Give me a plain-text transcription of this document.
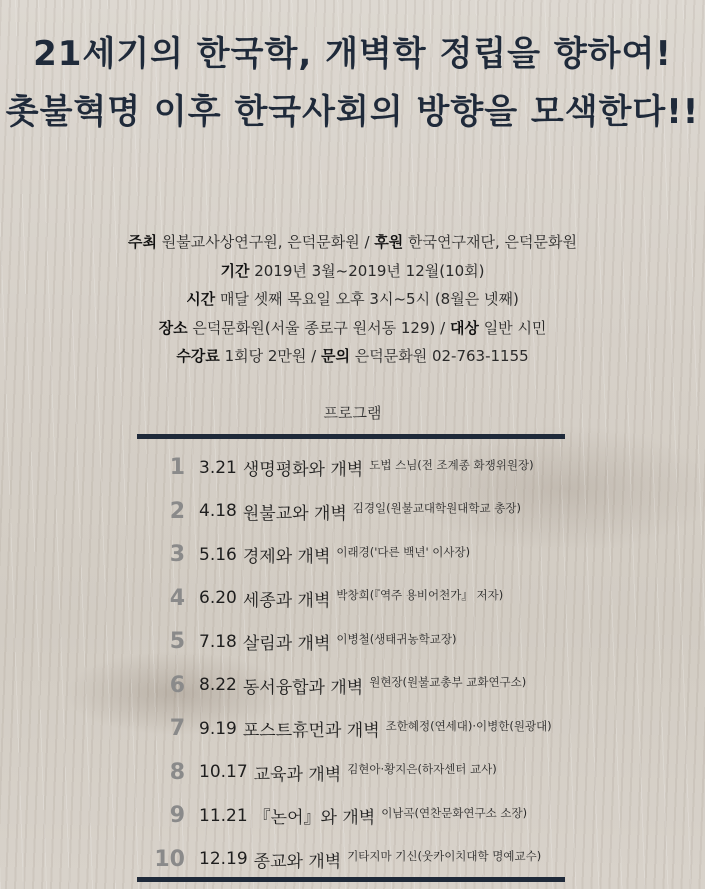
21세기의 한국학, 개벽학 정립을 향하여!
촛불혁명 이후 한국사회의 방향을 모색한다!!
주최 원불교사상연구원, 은덕문화원 / 후원 한국연구재단, 은덕문화원
기간 2019년 3월~2019년 12월(10회)
시간 매달 셋째 목요일 오후 3시~5시 (8월은 넷째)
장소 은덕문화원(서울 종로구 원서동 129) / 대상 일반 시민
수강료 1회당 2만원 / 문의 은덕문화원 02-763-1155
프로그램
1 3.21 생명평화와 개벽 도법 스님(전 조계종 화쟁위원장)
2 4.18 원불교와 개벽 김경일(원불교대학원대학교 총장)
3 5.16 경제와 개벽 이래경('다른 백년' 이사장)
4 6.20 세종과 개벽 박창희(『역주 용비어천가』 저자)
5 7.18 살림과 개벽 이병철(생태귀농학교장)
6 8.22 동서융합과 개벽 원현장(원불교총부 교화연구소)
7 9.19 포스트휴먼과 개벽 조한혜정(연세대)·이병한(원광대)
8 10.17 교육과 개벽 김현아·황지은(하자센터 교사)
9 11.21 『논어』와 개벽 이남곡(연찬문화연구소 소장)
10 12.19 종교와 개벽 기타지마 기신(웃카이치대학 명예교수)
